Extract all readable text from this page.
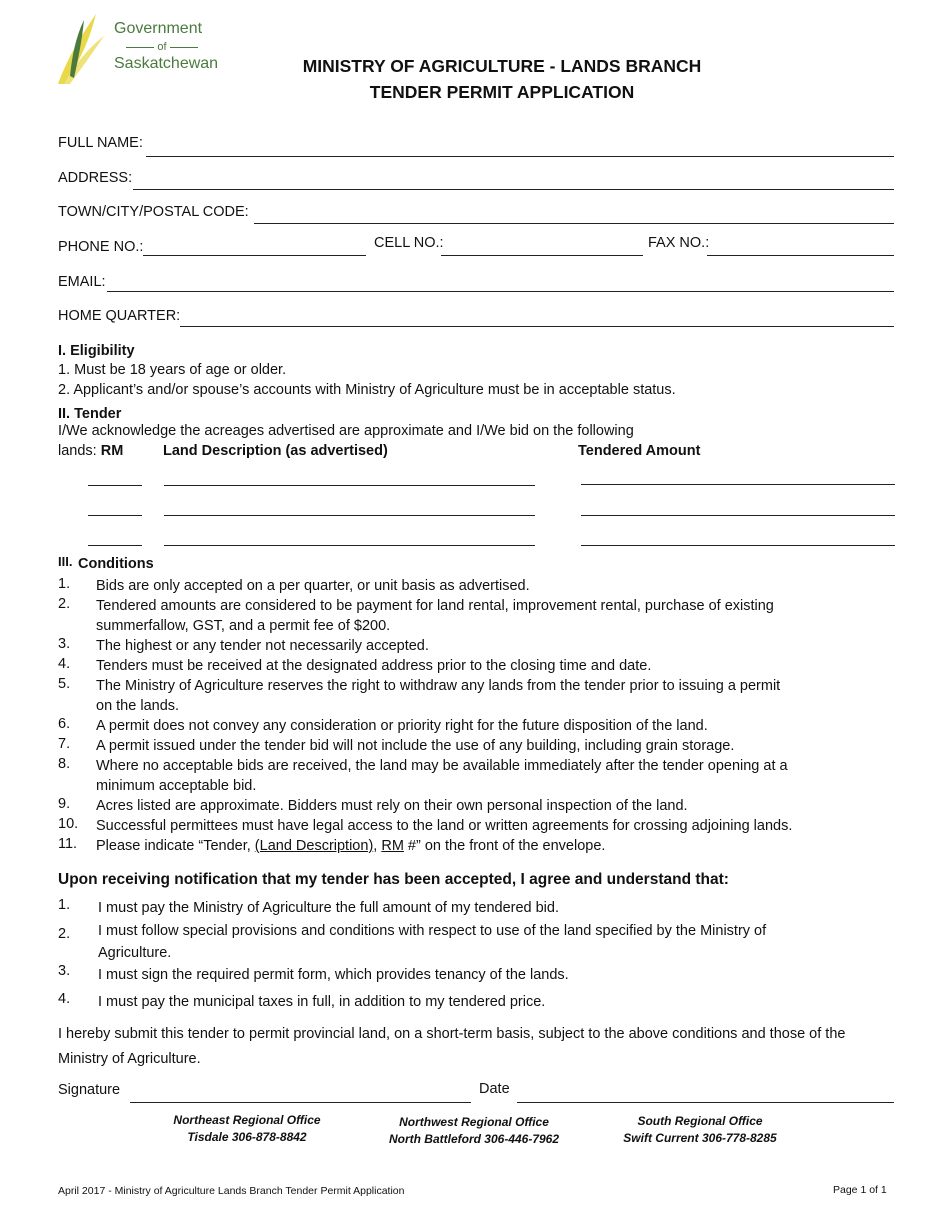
Government
of
Saskatchewan	MINISTRY OF AGRICULTURE - LANDS BRANCH
TENDER PERMIT APPLICATION
FULL NAME:
ADDRESS:
TOWN/CITY/POSTAL CODE:
PHONE NO.:	CELL NO.:	FAX NO.:
EMAIL:
HOME QUARTER:
I. Eligibility
1. Must be 18 years of age or older.
2. Applicant’s and/or spouse’s accounts with Ministry of Agriculture must be in acceptable status.
II. Tender
I/We acknowledge the acreages advertised are approximate and I/We bid on the following
lands: RM	Land Description (as advertised)	Tendered Amount
III. Conditions
1. Bids are only accepted on a per quarter, or unit basis as advertised.
2. Tendered amounts are considered to be payment for land rental, improvement rental, purchase of existing summerfallow, GST, and a permit fee of $200.
3. The highest or any tender not necessarily accepted.
4. Tenders must be received at the designated address prior to the closing time and date.
5. The Ministry of Agriculture reserves the right to withdraw any lands from the tender prior to issuing a permit on the lands.
6. A permit does not convey any consideration or priority right for the future disposition of the land.
7. A permit issued under the tender bid will not include the use of any building, including grain storage.
8. Where no acceptable bids are received, the land may be available immediately after the tender opening at a minimum acceptable bid.
9. Acres listed are approximate. Bidders must rely on their own personal inspection of the land.
10. Successful permittees must have legal access to the land or written agreements for crossing adjoining lands.
11. Please indicate “Tender, (Land Description), RM #” on the front of the envelope.
Upon receiving notification that my tender has been accepted, I agree and understand that:
1. I must pay the Ministry of Agriculture the full amount of my tendered bid.
2. I must follow special provisions and conditions with respect to use of the land specified by the Ministry of Agriculture.
3. I must sign the required permit form, which provides tenancy of the lands.
4. I must pay the municipal taxes in full, in addition to my tendered price.
I hereby submit this tender to permit provincial land, on a short-term basis, subject to the above conditions and those of the Ministry of Agriculture.
Signature	Date
Northeast Regional Office
Tisdale 306-878-8842
Northwest Regional Office
North Battleford 306-446-7962
South Regional Office
Swift Current 306-778-8285
April 2017 - Ministry of Agriculture Lands Branch Tender Permit Application	Page 1 of 1
